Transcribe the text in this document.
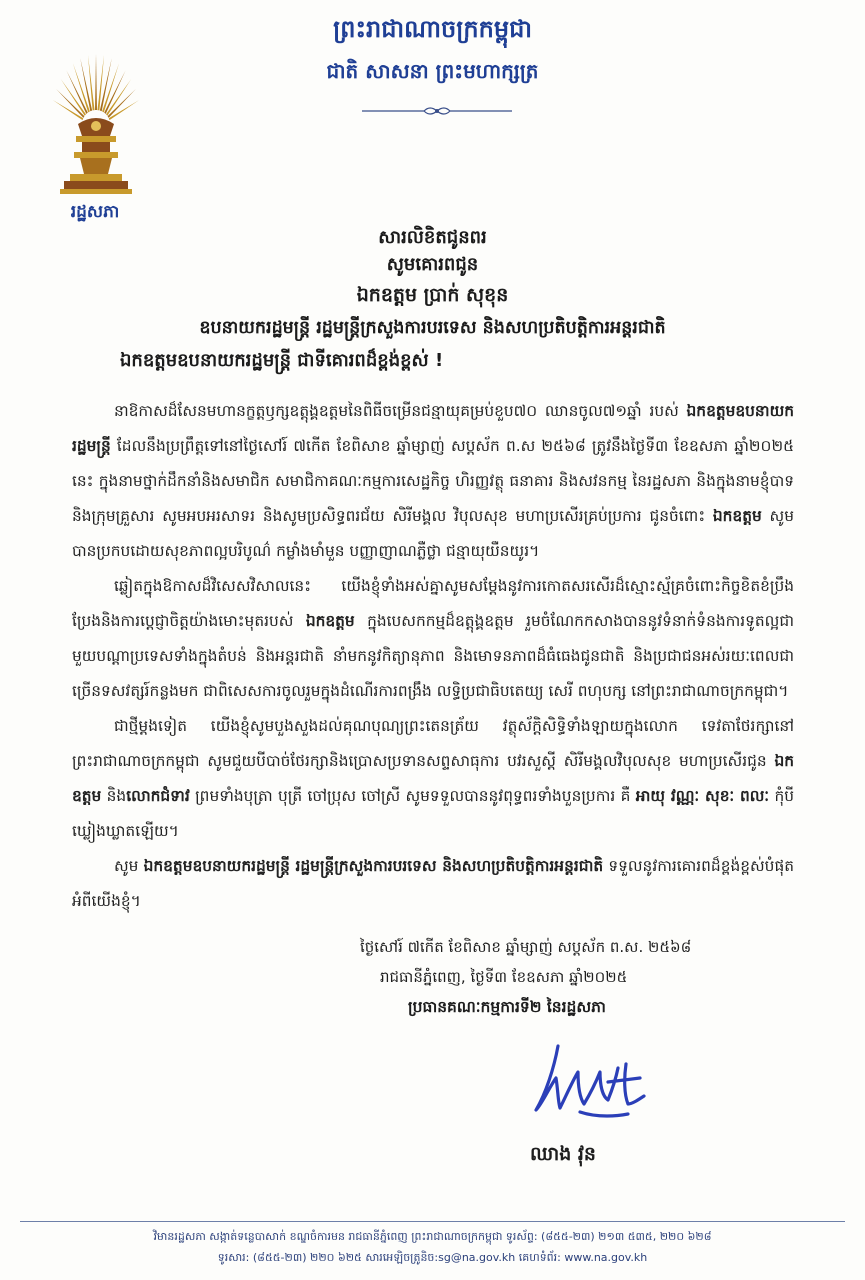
រដ្ឋសភា
ព្រះរាជាណាចក្រកម្ពុជា
ជាតិ សាសនា ព្រះមហាក្សត្រ
សារលិខិតជូនពរ
សូមគោរពជូន
ឯកឧត្តម ប្រាក់ សុខុន
ឧបនាយករដ្ឋមន្ត្រី រដ្ឋមន្ត្រីក្រសួងការបរទេស និងសហប្រតិបត្តិការអន្តរជាតិ
ឯកឧត្តមឧបនាយករដ្ឋមន្ត្រី ជាទីគោរពដ៏ខ្ពង់ខ្ពស់ !

នាឱកាសដ៏សែនមហានក្ខត្តឫក្សឧត្តុង្គឧត្តមនៃពិធីចម្រើនជន្មាយុគម្រប់ខួប៧០ ឈានចូល៧១ឆ្នាំ របស់ ឯកឧត្តមឧបនាយករដ្ឋមន្ត្រី ដែលនឹងប្រព្រឹត្តទៅនៅថ្ងៃសៅរ៍ ៧កើត ខែពិសាខ ឆ្នាំម្សាញ់ សប្តស័ក ព.ស ២៥៦៨ ត្រូវនឹងថ្ងៃទី៣ ខែឧសភា ឆ្នាំ២០២៥ នេះ ក្នុងនាមថ្នាក់ដឹកនាំនិងសមាជិក សមាជិកាគណៈកម្មការសេដ្ឋកិច្ច ហិរញ្ញវត្ថុ ធនាគារ និងសវនកម្ម នៃរដ្ឋសភា និងក្នុងនាមខ្ញុំបាទនិងក្រុមគ្រួសារ សូមអបអរសាទរ និងសូមប្រសិទ្ធពរជ័យ សិរីមង្គល វិបុលសុខ មហាប្រសើរគ្រប់ប្រការ ជូនចំពោះ ឯកឧត្តម សូមបានប្រកបដោយសុខភាពល្អបរិបូណ៌ កម្លាំងមាំមួន បញ្ញាញាណភ្លឺថ្លា ជន្មាយុយឺនយូរ។

ឆ្លៀតក្នុងឱកាសដ៏វិសេសវិសាលនេះ យើងខ្ញុំទាំងអស់គ្នាសូមសម្តែងនូវការកោតសរសើរដ៏ស្មោះស្ម័គ្រចំពោះកិច្ចខិតខំប្រឹងប្រែងនិងការប្តេជ្ញាចិត្តយ៉ាងមោះមុតរបស់ ឯកឧត្តម ក្នុងបេសកកម្មដ៏ឧត្តុង្គឧត្តម រួមចំណែកកសាងបាននូវទំនាក់ទំនងការទូតល្អជាមួយបណ្តាប្រទេសទាំងក្នុងតំបន់ និងអន្តរជាតិ នាំមកនូវកិត្យានុភាព និងមោទនភាពដ៏ធំធេងជូនជាតិ និងប្រជាជនអស់រយៈពេលជាច្រើនទសវត្សរ៍កន្លងមក ជាពិសេសការចូលរួមក្នុងដំណើរការពង្រឹង លទ្ធិប្រជាធិបតេយ្យ សេរី ពហុបក្ស នៅព្រះរាជាណាចក្រកម្ពុជា។

ជាថ្មីម្តងទៀត យើងខ្ញុំសូមបួងសួងដល់គុណបុណ្យព្រះតេនត្រ័យ វត្ថុស័ក្តិសិទ្ធិទាំងឡាយក្នុងលោក ទេវតាថែរក្សានៅព្រះរាជាណាចក្រកម្ពុជា សូមជួយបីបាច់ថែរក្សានិងប្រោសប្រទានសព្ទសាធុការ បវរសួស្តី សិរីមង្គលវិបុលសុខ មហាប្រសើរជូន ឯកឧត្តម និងលោកជំទាវ ព្រមទាំងបុត្រា បុត្រី ចៅប្រុស ចៅស្រី សូមទទួលបាននូវពុទ្ធពរទាំងបួនប្រការ គឺ អាយុ វណ្ណៈ សុខៈ ពលៈ កុំបីឃ្លៀងឃ្លាតឡើយ។

សូម ឯកឧត្តមឧបនាយករដ្ឋមន្ត្រី រដ្ឋមន្ត្រីក្រសួងការបរទេស និងសហប្រតិបត្តិការអន្តរជាតិ ទទួលនូវការគោរពដ៏ខ្ពង់ខ្ពស់បំផុត អំពីយើងខ្ញុំ។

ថ្ងៃសៅរ៍ ៧កើត ខែពិសាខ ឆ្នាំម្សាញ់ សប្តស័ក ព.ស. ២៥៦៨
រាជធានីភ្នំពេញ, ថ្ងៃទី៣ ខែឧសភា ឆ្នាំ២០២៥
ប្រធានគណៈកម្មការទី២ នៃរដ្ឋសភា
ឈាង វុន
វិមានរដ្ឋសភា សង្កាត់ទន្លេបាសាក់ ខណ្ឌចំការមន រាជធានីភ្នំពេញ ព្រះរាជាណាចក្រកម្ពុជា ទូរស័ព្ទ: (៨៥៥-២៣) ២១៣ ៥៣៥, ២២០ ៦២៨
ទូរសារ: (៨៥៥-២៣) ២២០ ៦២៥ សារអេឡិចត្រូនិច:sg@na.gov.kh គេហទំព័រ: www.na.gov.kh
